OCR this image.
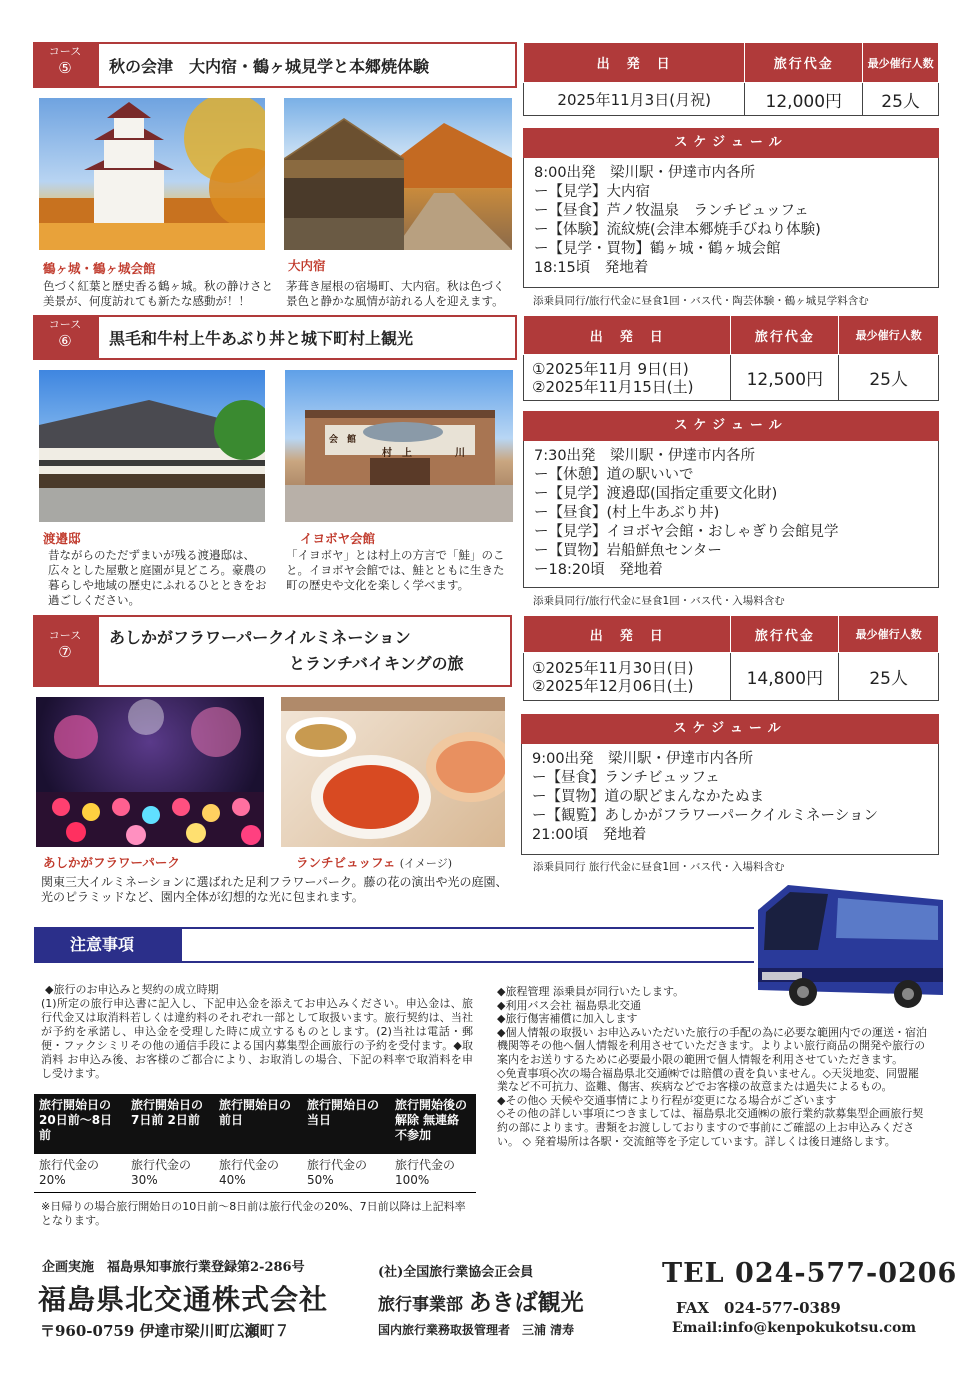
コース
⑤	秋の会津　大内宿・鶴ヶ城見学と本郷焼体験	出　発　日	旅行代金	最少催行人数
2025年11月3日(月祝)	12,000円	25人
スケジュール
8:00出発　梁川駅・伊達市内各所
ー【見学】大内宿
ー【昼食】芦ノ牧温泉　ランチビュッフェ
ー【体験】流紋焼(会津本郷焼手びねり体験)
ー【見学・買物】鶴ヶ城・鶴ヶ城会館
18:15頃　発地着
添乗員同行/旅行代金に昼食1回・バス代・陶芸体験・鶴ヶ城見学料含む
鶴ヶ城・鶴ヶ城会館
色づく紅葉と歴史香る鶴ヶ城。秋の静けさと美景が、何度訪れても新たな感動が！！
大内宿
茅葺き屋根の宿場町、大内宿。秋は色づく景色と静かな風情が訪れる人を迎えます。
コース
⑥	黒毛和牛村上牛あぶり丼と城下町村上観光	出　発　日	旅行代金	最少催行人数

①2025年11月 9日(日)
②2025年11月15日(土)	12,500円	25人
スケジュール
7:30出発　梁川駅・伊達市内各所
ー【休憩】道の駅いいで
ー【見学】渡邉邸(国指定重要文化財)
ー【昼食】(村上牛あぶり丼)
ー【見学】イヨボヤ会館・おしゃぎり会館見学
ー【買物】岩船鮮魚センター
ー18:20頃　発地着
添乗員同行/旅行代金に昼食1回・バス代・入場料含む
渡邉邸
昔ながらのただずまいが残る渡邉邸は、広々とした屋敷と庭園が見どころ。豪農の暮らしや地域の歴史にふれるひとときをお過ごしください。
会　館
村　上	川
イヨボヤ会館
「イヨボヤ」とは村上の方言で「鮭」のこと。イヨボヤ会館では、鮭とともに生きた町の歴史や文化を楽しく学べます。
コース
⑦
あしかがフラワーパークイルミネーション
とランチバイキングの旅
出　発　日	旅行代金	最少催行人数

①2025年11月30日(日)
②2025年12月06日(土)	14,800円	25人
スケジュール
9:00出発　梁川駅・伊達市内各所
ー【昼食】ランチビュッフェ
ー【買物】道の駅どまんなかたぬま
ー【観覧】あしかがフラワーパークイルミネーション
21:00頃　発地着
添乗員同行 旅行代金に昼食1回・バス代・入場料含む
あしかがフラワーパーク	ランチビュッフェ (イメージ)
関東三大イルミネーションに選ばれた足利フラワーパーク。藤の花の演出や光の庭園、光のピラミッドなど、園内全体が幻想的な光に包まれます。
注意事項
◆旅行のお申込みと契約の成立時期
(1)所定の旅行申込書に記入し、下記申込金を添えてお申込みください。申込金は、旅行代金又は取消料若しくは違約料のそれぞれ一部として取扱います。旅行契約は、当社が予約を承諾し、申込金を受理した時に成立するものとします。(2)当社は電話・郵便・ファクシミリその他の通信手段による国内募集型企画旅行の予約を受付ます。◆取消料 お申込み後、お客様のご都合により、お取消しの場合、下記の料率で取消料を申し受けます。
旅行開始日の20日前～8日前	旅行開始日の7日前 2日前	旅行開始日の前日	旅行開始日の当日	旅行開始後の解除 無連絡不参加
旅行代金の20%	旅行代金の30%	旅行代金の40%	旅行代金の50%	旅行代金の100%
※日帰りの場合旅行開始日の10日前～8日前は旅行代金の20%、7日前以降は上記料率となります。
◆旅程管理 添乗員が同行いたします。
◆利用バス会社 福島県北交通
◆旅行傷害補償に加入します
◆個人情報の取扱い お申込みいただいた旅行の手配の為に必要な範囲内での運送・宿泊機関等その他へ個人情報を利用させていただきます。よりよい旅行商品の開発や旅行の案内をお送りするために必要最小限の範囲で個人情報を利用させていただきます。
◇免責事項◇次の場合福島県北交通㈱では賠償の責を負いません。◇天災地変、同盟罷業など不可抗力、盗難、傷害、疾病などでお客様の故意または過失によるもの。
◆その他◇ 天候や交通事情により行程が変更になる場合がございます
◇その他の詳しい事項につきましては、福島県北交通㈱の旅行業約款募集型企画旅行契約の部によります。書類をお渡ししておりますので事前にご確認の上お申込みください。 ◇ 発着場所は各駅・交流館等を予定しています。詳しくは後日連絡します。
企画実施　福島県知事旅行業登録第2-286号
福島県北交通株式会社
〒960-0759 伊達市梁川町広瀬町７
(社)全国旅行業協会正会員
旅行事業部 あきば観光
国内旅行業務取扱管理者　三浦 清寿
TEL 024-577-0206
FAX　024-577-0389
Email:info@kenpokukotsu.com
